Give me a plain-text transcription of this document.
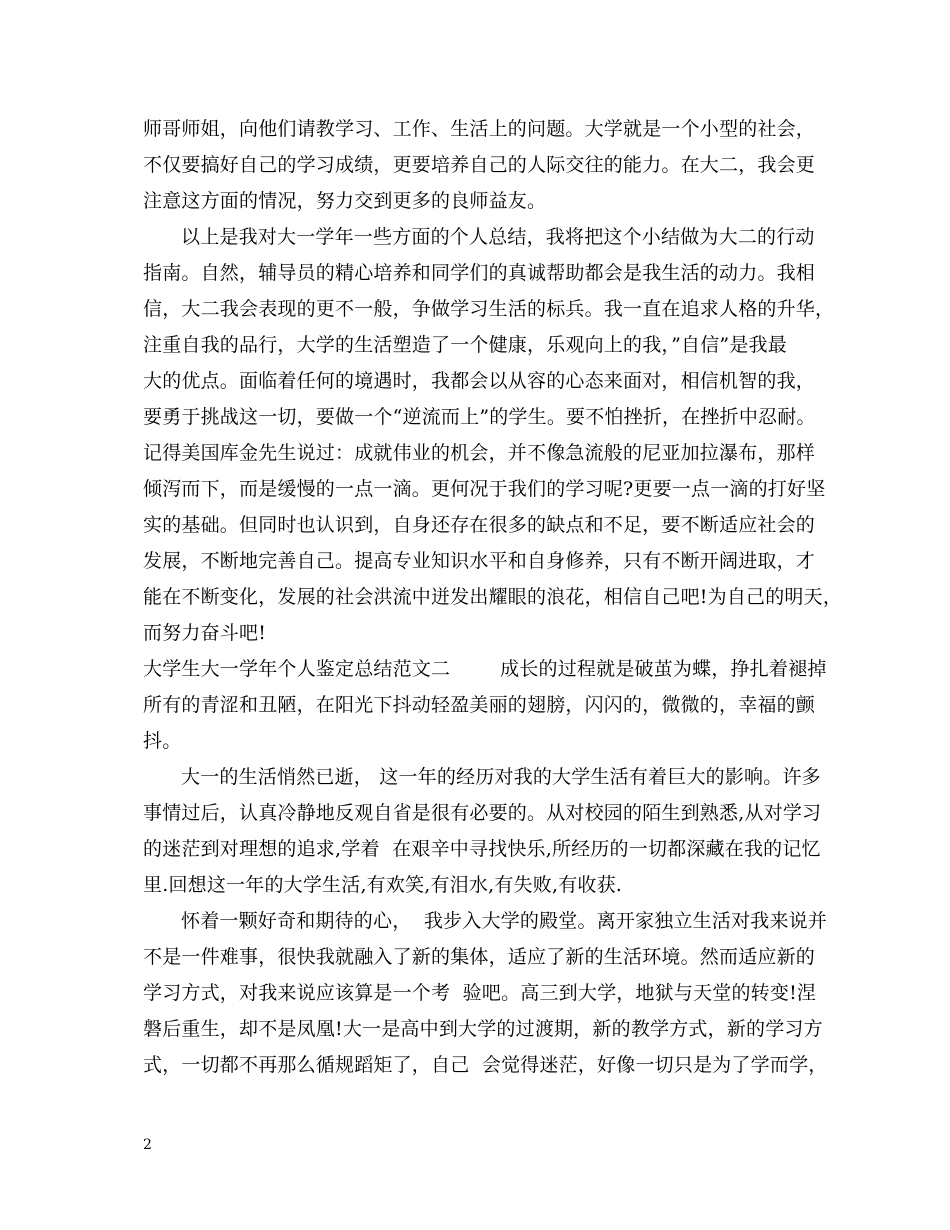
师哥师姐，向他们请教学习、工作、生活上的问题。大学就是一个小型的社会，
不仅要搞好自己的学习成绩，更要培养自己的人际交往的能力。在大二，我会更
注意这方面的情况，努力交到更多的良师益友。
以上是我对大一学年一些方面的个人总结，我将把这个小结做为大二的行动
指南。自然，辅导员的精心培养和同学们的真诚帮助都会是我生活的动力。我相
信，大二我会表现的更不一般，争做学习生活的标兵。我一直在追求人格的升华，
注重自我的品行，大学的生活塑造了一个健康，乐观向上的我，”自信”是我最
大的优点。面临着任何的境遇时，我都会以从容的心态来面对，相信机智的我，
要勇于挑战这一切，要做一个“逆流而上”的学生。要不怕挫折，在挫折中忍耐。
记得美国库金先生说过：成就伟业的机会，并不像急流般的尼亚加拉瀑布，那样
倾泻而下，而是缓慢的一点一滴。更何况于我们的学习呢?更要一点一滴的打好坚
实的基础。但同时也认识到，自身还存在很多的缺点和不足，要不断适应社会的
发展，不断地完善自己。提高专业知识水平和自身修养，只有不断开阔进取，才
能在不断变化，发展的社会洪流中迸发出耀眼的浪花，相信自己吧!为自己的明天，
而努力奋斗吧!
大学生大一学年个人鉴定总结范文二        成长的过程就是破茧为蝶，挣扎着褪掉
所有的青涩和丑陋，在阳光下抖动轻盈美丽的翅膀，闪闪的，微微的，幸福的颤
抖。
大一的生活悄然已逝， 这一年的经历对我的大学生活有着巨大的影响。许多
事情过后，认真冷静地反观自省是很有必要的。从对校园的陌生到熟悉,从对学习
的迷茫到对理想的追求,学着  在艰辛中寻找快乐,所经历的一切都深藏在我的记忆
里.回想这一年的大学生活,有欢笑,有泪水,有失败,有收获.
怀着一颗好奇和期待的心，  我步入大学的殿堂。离开家独立生活对我来说并
不是一件难事，很快我就融入了新的集体，适应了新的生活环境。然而适应新的
学习方式，对我来说应该算是一个考  验吧。高三到大学，地狱与天堂的转变!涅
磐后重生，却不是凤凰!大一是高中到大学的过渡期，新的教学方式，新的学习方
式，一切都不再那么循规蹈矩了，自己  会觉得迷茫，好像一切只是为了学而学，
2
